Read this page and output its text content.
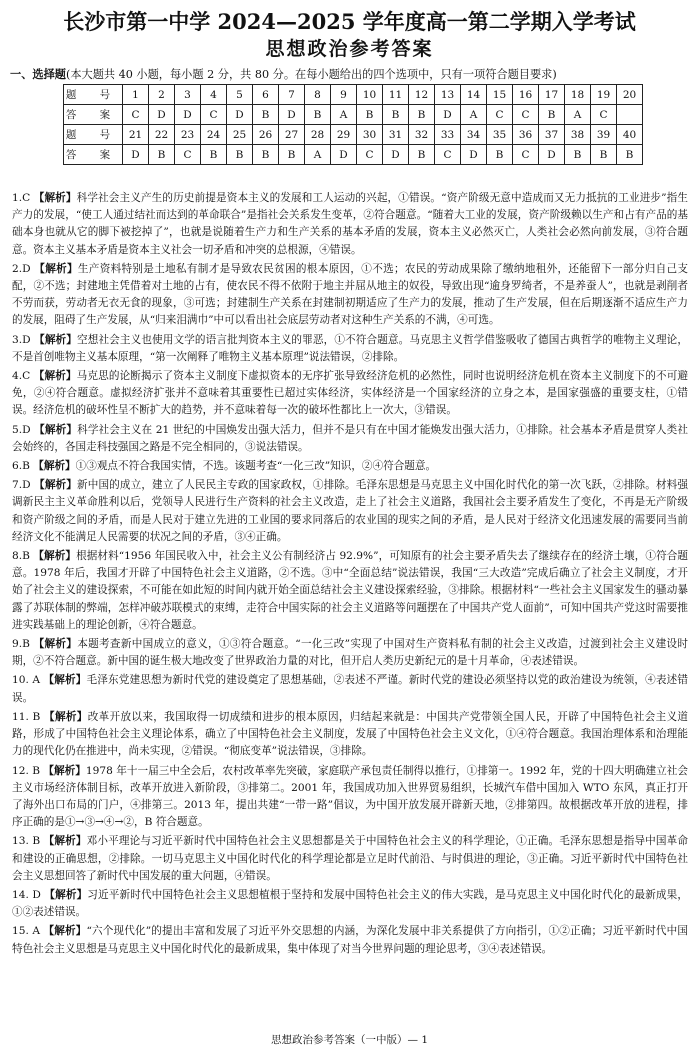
长沙市第一中学 2024—2025 学年度高一第二学期入学考试
思想政治参考答案
一、选择题(本大题共 40 小题，每小题 2 分，共 80 分。在每小题给出的四个选项中，只有一项符合题目要求)
题 号	1	2	3	4	5	6	7	8	9	10	11	12	13	14	15	16	17	18	19	20
答 案	C	D	D	C	D	B	D	B	A	B	B	B	D	A	C	C	B	A	C	
题 号	21	22	23	24	25	26	27	28	29	30	31	32	33	34	35	36	37	38	39	40
答 案	D	B	C	B	B	B	B	A	D	C	D	B	C	D	B	C	D	B	B	B
1.C 【解析】科学社会主义产生的历史前提是资本主义的发展和工人运动的兴起，①错误。“资产阶级无意中造成而又无力抵抗的工业进步”指生产力的发展，“使工人通过结社而达到的革命联合”是指社会关系发生变革，②符合题意。“随着大工业的发展，资产阶级赖以生产和占有产品的基础本身也就从它的脚下被挖掉了”，也就是说随着生产力和生产关系的基本矛盾的发展，资本主义必然灭亡，人类社会必然向前发展，③符合题意。资本主义基本矛盾是资本主义社会一切矛盾和冲突的总根源，④错误。
2.D 【解析】生产资料特别是土地私有制才是导致农民贫困的根本原因，①不选；农民的劳动成果除了缴纳地租外，还能留下一部分归自己支配，②不选；封建地主凭借着对土地的占有，使农民不得不依附于地主并屈从地主的奴役，导致出现“逾身罗绮者，不是养蚕人”，也就是剥削者不劳而获，劳动者无衣无食的现象，③可选；封建制生产关系在封建制初期适应了生产力的发展，推动了生产发展，但在后期逐渐不适应生产力的发展，阻碍了生产发展，从“归来泪满巾”中可以看出社会底层劳动者对这种生产关系的不满，④可选。
3.D 【解析】空想社会主义也使用文学的语言批判资本主义的罪恶，①不符合题意。马克思主义哲学借鉴吸收了德国古典哲学的唯物主义理论，不是首创唯物主义基本原理，“第一次阐释了唯物主义基本原理”说法错误，②排除。
4.C 【解析】马克思的论断揭示了资本主义制度下虚拟资本的无序扩张导致经济危机的必然性，同时也说明经济危机在资本主义制度下的不可避免，②④符合题意。虚拟经济扩张并不意味着其重要性已超过实体经济，实体经济是一个国家经济的立身之本，是国家强盛的重要支柱，①错误。经济危机的破坏性呈不断扩大的趋势，并不意味着每一次的破坏性都比上一次大，③错误。
5.D 【解析】科学社会主义在 21 世纪的中国焕发出强大活力，但并不是只有在中国才能焕发出强大活力，①排除。社会基本矛盾是贯穿人类社会始终的，各国走科技强国之路是不完全相同的，③说法错误。
6.B 【解析】①③观点不符合我国实情，不选。该题考查“一化三改”知识，②④符合题意。
7.D 【解析】新中国的成立，建立了人民民主专政的国家政权，①排除。毛泽东思想是马克思主义中国化时代化的第一次飞跃，②排除。材料强调新民主主义革命胜利以后，党领导人民进行生产资料的社会主义改造，走上了社会主义道路，我国社会主要矛盾发生了变化，不再是无产阶级和资产阶级之间的矛盾，而是人民对于建立先进的工业国的要求同落后的农业国的现实之间的矛盾，是人民对于经济文化迅速发展的需要同当前经济文化不能满足人民需要的状况之间的矛盾，③④正确。
8.B 【解析】根据材料“1956 年国民收入中，社会主义公有制经济占 92.9%”，可知原有的社会主要矛盾失去了继续存在的经济土壤，①符合题意。1978 年后，我国才开辟了中国特色社会主义道路，②不选。③中“全面总结”说法错误，我国“三大改造”完成后确立了社会主义制度，才开始了社会主义的建设探索，不可能在如此短的时间内就开始全面总结社会主义建设探索经验，③排除。根据材料“一些社会主义国家发生的骚动暴露了苏联体制的弊端，怎样冲破苏联模式的束缚，走符合中国实际的社会主义道路等问题摆在了中国共产党人面前”，可知中国共产党这时需要推进实践基础上的理论创新，④符合题意。
9.B 【解析】本题考查新中国成立的意义，①③符合题意。“一化三改”实现了中国对生产资料私有制的社会主义改造，过渡到社会主义建设时期，②不符合题意。新中国的诞生极大地改变了世界政治力量的对比，但开启人类历史新纪元的是十月革命，④表述错误。
10. A 【解析】毛泽东党建思想为新时代党的建设奠定了思想基础，②表述不严谨。新时代党的建设必须坚持以党的政治建设为统领，④表述错误。
11. B 【解析】改革开放以来，我国取得一切成绩和进步的根本原因，归结起来就是：中国共产党带领全国人民，开辟了中国特色社会主义道路，形成了中国特色社会主义理论体系，确立了中国特色社会主义制度，发展了中国特色社会主义文化，①④符合题意。我国治理体系和治理能力的现代化仍在推进中，尚未实现，②错误。“彻底变革”说法错误，③排除。
12. B 【解析】1978 年十一届三中全会后，农村改革率先突破，家庭联产承包责任制得以推行，①排第一。1992 年，党的十四大明确建立社会主义市场经济体制目标，改革开放进入新阶段，③排第二。2001 年，我国成功加入世界贸易组织，长城汽车借中国加入 WTO 东风，真正打开了海外出口布局的门户，④排第三。2013 年，提出共建“一带一路”倡议，为中国开放发展开辟新天地，②排第四。故根据改革开放的进程，排序正确的是①→③→④→②，B 符合题意。
13. B 【解析】邓小平理论与习近平新时代中国特色社会主义思想都是关于中国特色社会主义的科学理论，①正确。毛泽东思想是指导中国革命和建设的正确思想，②排除。一切马克思主义中国化时代化的科学理论都是立足时代前沿、与时俱进的理论，③正确。习近平新时代中国特色社会主义思想回答了新时代中国发展的重大问题，④错误。
14. D 【解析】习近平新时代中国特色社会主义思想植根于坚持和发展中国特色社会主义的伟大实践，是马克思主义中国化时代化的最新成果，①②表述错误。
15. A 【解析】“六个现代化”的提出丰富和发展了习近平外交思想的内涵，为深化发展中非关系提供了方向指引，①②正确；习近平新时代中国特色社会主义思想是马克思主义中国化时代化的最新成果，集中体现了对当今世界问题的理论思考，③④表述错误。
思想政治参考答案（一中版）— 1
